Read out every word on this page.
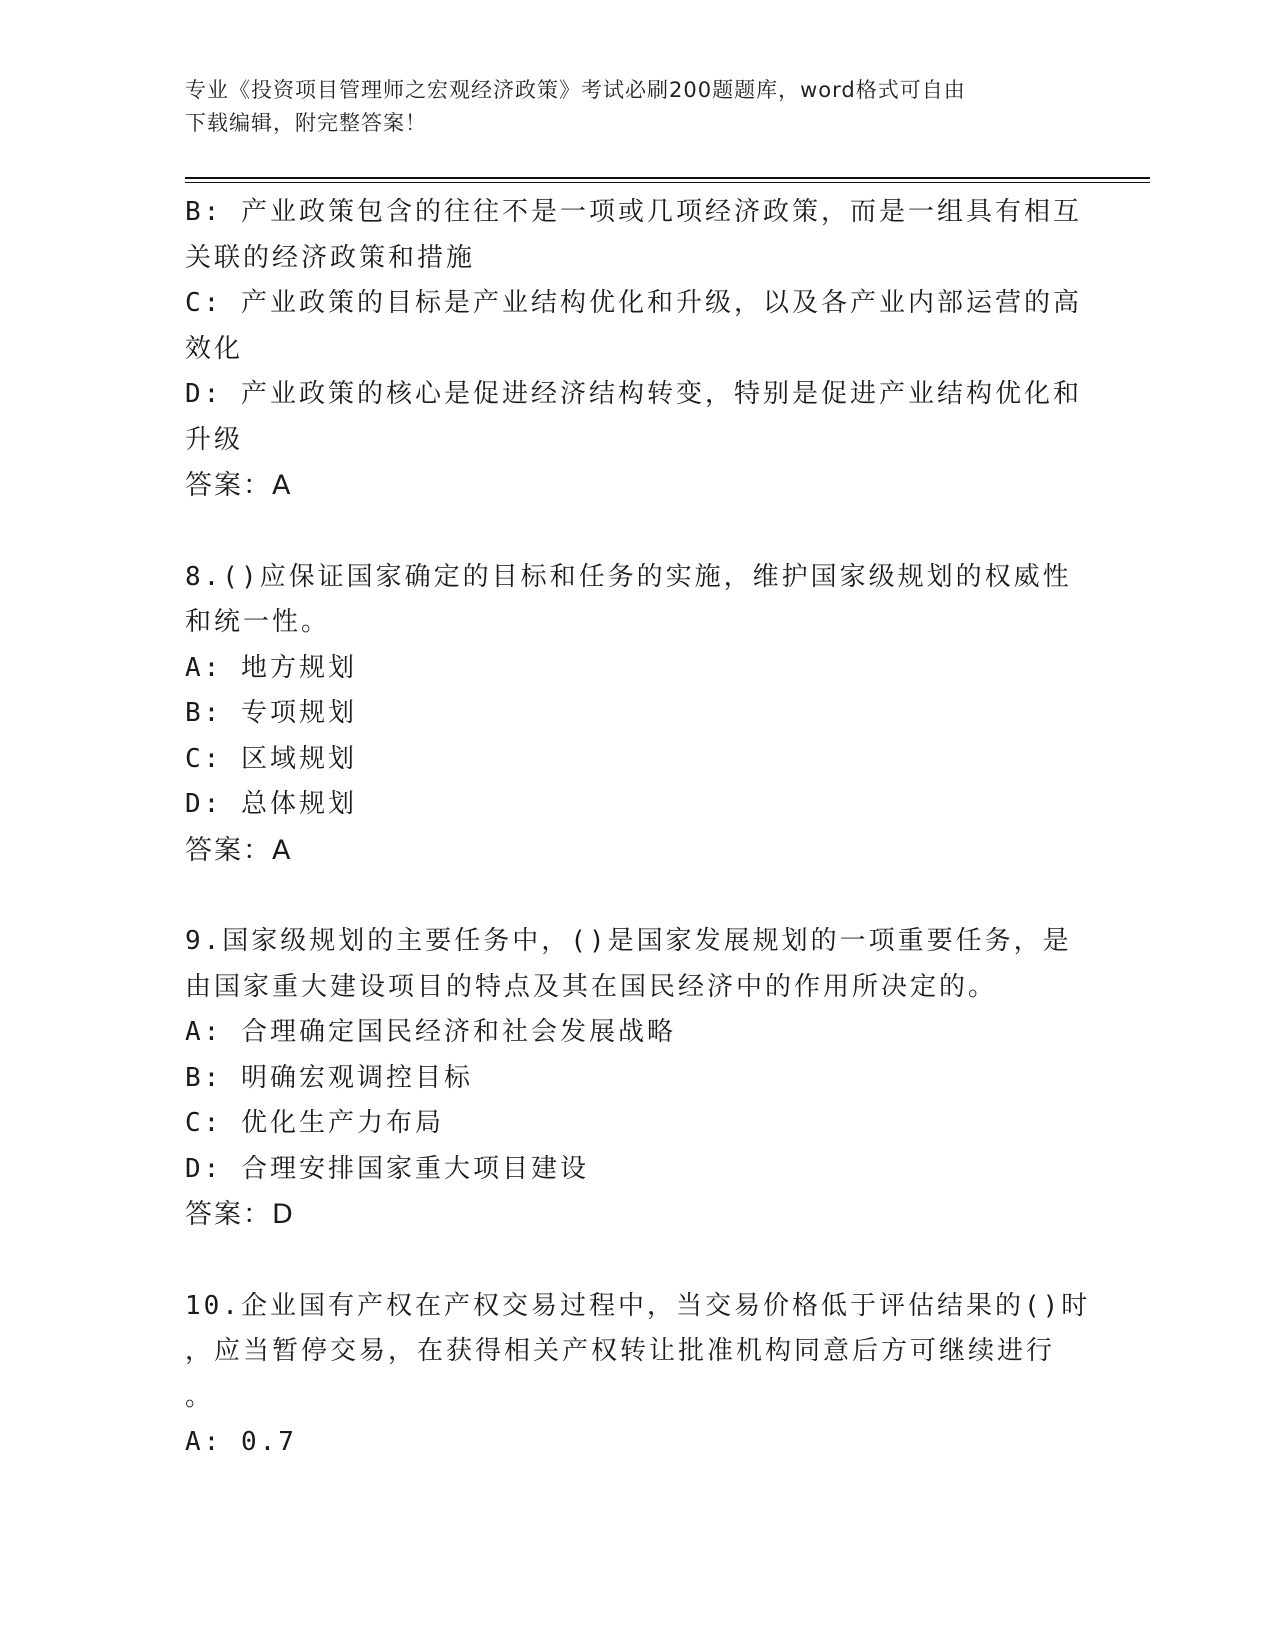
专业《投资项目管理师之宏观经济政策》考试必刷200题题库，word格式可自由
下载编辑，附完整答案！
B: 产业政策包含的往往不是一项或几项经济政策，而是一组具有相互
关联的经济政策和措施
C: 产业政策的目标是产业结构优化和升级，以及各产业内部运营的高
效化
D: 产业政策的核心是促进经济结构转变，特别是促进产业结构优化和
升级
答案：A
8.()应保证国家确定的目标和任务的实施，维护国家级规划的权威性
和统一性。
A: 地方规划
B: 专项规划
C: 区域规划
D: 总体规划
答案：A
9.国家级规划的主要任务中，()是国家发展规划的一项重要任务，是
由国家重大建设项目的特点及其在国民经济中的作用所决定的。
A: 合理确定国民经济和社会发展战略
B: 明确宏观调控目标
C: 优化生产力布局
D: 合理安排国家重大项目建设
答案：D
10.企业国有产权在产权交易过程中，当交易价格低于评估结果的()时
，应当暂停交易，在获得相关产权转让批准机构同意后方可继续进行
。
A: 0.7
